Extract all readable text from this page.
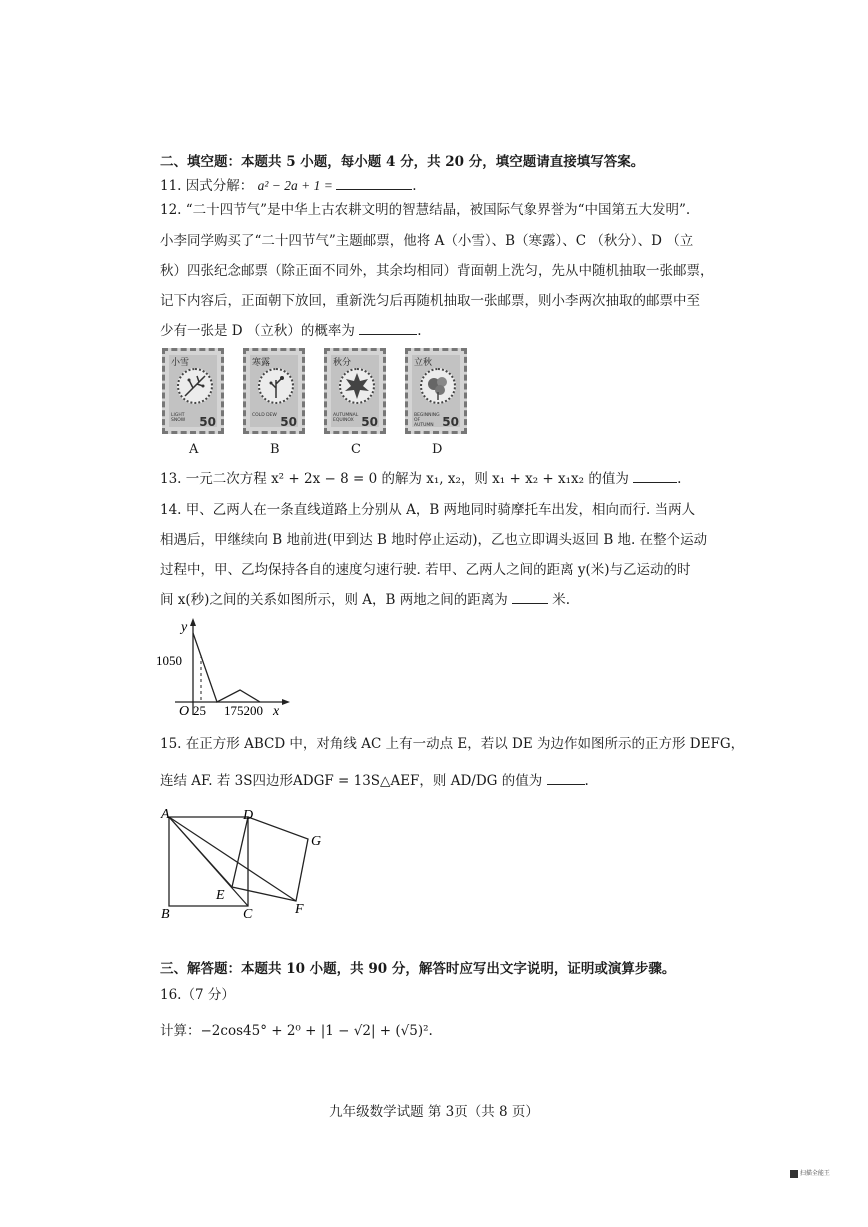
二、填空题：本题共 5 小题，每小题 4 分，共 20 分，填空题请直接填写答案。
11. 因式分解： a² − 2a + 1 =	.
12. “二十四节气”是中华上古农耕文明的智慧结晶，被国际气象界誉为“中国第五大发明”.
小李同学购买了“二十四节气”主题邮票，他将 A（小雪）、B（寒露）、C （秋分）、D （立
秋）四张纪念邮票（除正面不同外，其余均相同）背面朝上洗匀，先从中随机抽取一张邮票，
记下内容后，正面朝下放回，重新洗匀后再随机抽取一张邮票，则小李两次抽取的邮票中至
少有一张是 D （立秋）的概率为	.
小雪
LIGHT SNOW	50
寒露
COLD DEW 50
秋分
AUTUMNAL EQUINOX 50
立秋
BEGINNING OF AUTUMN 50
A	B	C	D
13. 一元二次方程 x² + 2x − 8 = 0 的解为 x₁, x₂，则 x₁ + x₂ + x₁x₂ 的值为	.
14. 甲、乙两人在一条直线道路上分别从 A，B 两地同时骑摩托车出发，相向而行. 当两人
相遇后，甲继续向 B 地前进(甲到达 B 地时停止运动)，乙也立即调头返回 B 地. 在整个运动
过程中，甲、乙均保持各自的速度匀速行驶. 若甲、乙两人之间的距离 y(米)与乙运动的时
间 x(秒)之间的关系如图所示，则 A，B 两地之间的距离为	米.
y
1050
O 25 175200 x
15. 在正方形 ABCD 中，对角线 AC 上有一动点 E，若以 DE 为边作如图所示的正方形 DEFG，
连结 AF. 若 3S四边形ADGF = 13S△AEF，则 AD/DG 的值为	.
A	D
G
E
B	C	F
三、解答题：本题共 10 小题，共 90 分，解答时应写出文字说明，证明或演算步骤。
16.（7 分）
计算：−2cos45° + 2⁰ + |1 − √2| + (√5)².
九年级数学试题 第 3页（共 8 页）
扫描全能王
